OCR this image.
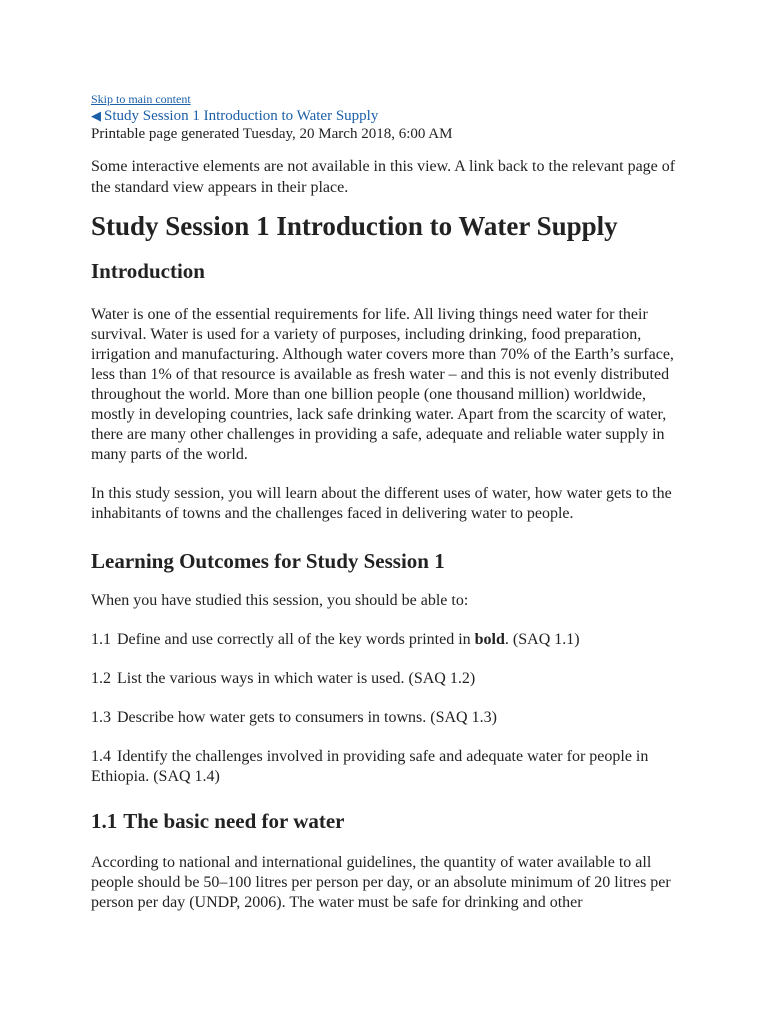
Skip to main content
◀ Study Session 1 Introduction to Water Supply
Printable page generated Tuesday, 20 March 2018, 6:00 AM
Some interactive elements are not available in this view. A link back to the relevant page of the standard view appears in their place.
Study Session 1 Introduction to Water Supply
Introduction

Water is one of the essential requirements for life. All living things need water for their survival. Water is used for a variety of purposes, including drinking, food preparation, irrigation and manufacturing. Although water covers more than 70% of the Earth’s surface, less than 1% of that resource is available as fresh water – and this is not evenly distributed throughout the world. More than one billion people (one thousand million) worldwide, mostly in developing countries, lack safe drinking water. Apart from the scarcity of water, there are many other challenges in providing a safe, adequate and reliable water supply in many parts of the world.

In this study session, you will learn about the different uses of water, how water gets to the inhabitants of towns and the challenges faced in delivering water to people.

Learning Outcomes for Study Session 1

When you have studied this session, you should be able to:

1.1 Define and use correctly all of the key words printed in bold. (SAQ 1.1)

1.2 List the various ways in which water is used. (SAQ 1.2)

1.3 Describe how water gets to consumers in towns. (SAQ 1.3)

1.4 Identify the challenges involved in providing safe and adequate water for people in Ethiopia. (SAQ 1.4)

1.1 The basic need for water

According to national and international guidelines, the quantity of water available to all people should be 50–100 litres per person per day, or an absolute minimum of 20 litres per person per day (UNDP, 2006). The water must be safe for drinking and other
